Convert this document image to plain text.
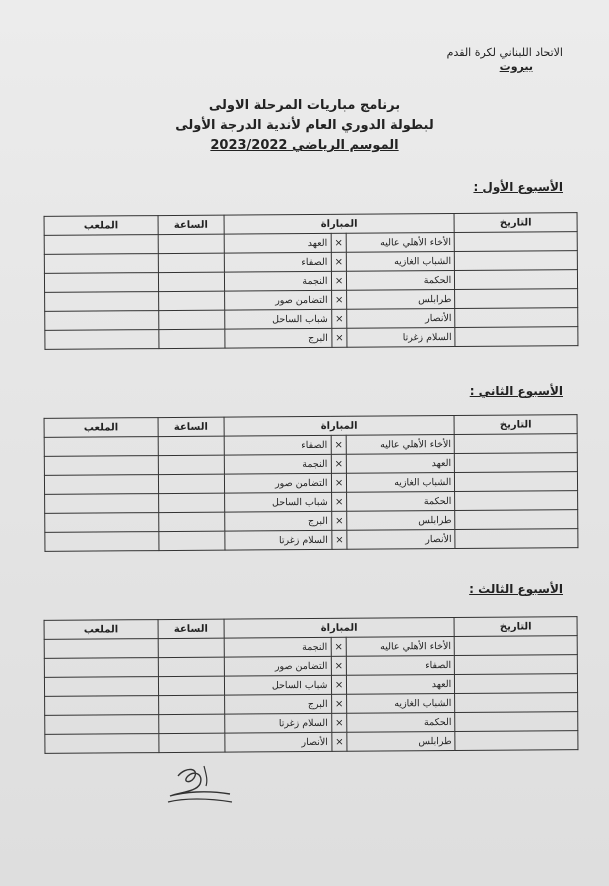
الاتحاد اللبناني لكرة القدم
بيروت
برنامج مباريات المرحلة الاولى
لبطولة الدوري العام لأندية الدرجة الأولى
الموسم الرياضي 2023/2022
الأسبوع الأول :
التاريخ	المباراة			الساعة	الملعب
	الأخاء الأهلي عاليه	×	العهد		
	الشباب الغازيه	×	الصفاء		
	الحكمة	×	النجمة		
	طرابلس	×	التضامن صور		
	الأنصار	×	شباب الساحل		
	السلام زغرتا	×	البرج		
الأسبوع الثاني :
التاريخ	المباراة			الساعة	الملعب
	الأخاء الأهلي عاليه	×	الصفاء		
	العهد	×	النجمة		
	الشباب الغازيه	×	التضامن صور		
	الحكمة	×	شباب الساحل		
	طرابلس	×	البرج		
	الأنصار	×	السلام زغرتا		
الأسبوع الثالث :
التاريخ	المباراة			الساعة	الملعب
	الأخاء الأهلي عاليه	×	النجمة		
	الصفاء	×	التضامن صور		
	العهد	×	شباب الساحل		
	الشباب الغازيه	×	البرج		
	الحكمة	×	السلام زغرتا		
	طرابلس	×	الأنصار		
